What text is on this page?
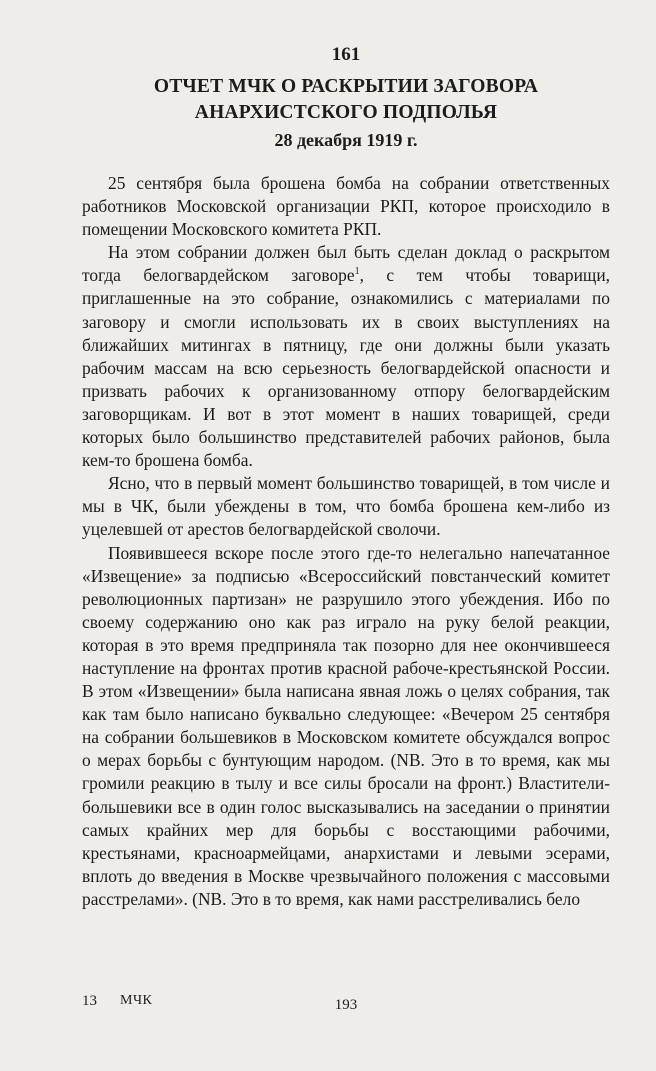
161
ОТЧЕТ МЧК О РАСКРЫТИИ ЗАГОВОРА
АНАРХИСТСКОГО ПОДПОЛЬЯ
28 декабря 1919 г.

25 сентября была брошена бомба на собрании ответственных работников Московской организации РКП, которое происходило в помещении Московского комитета РКП.

На этом собрании должен был быть сделан доклад о раскрытом тогда белогвардейском заговоре$^1$, с тем чтобы товарищи, приглашенные на это собрание, ознакомились с материалами по заговору и смогли использовать их в своих выступлениях на ближайших митингах в пятницу, где они должны были указать рабочим массам на всю серьезность белогвардейской опасности и призвать рабочих к организованному отпору белогвардейским заговорщикам. И вот в этот момент в наших товарищей, среди которых было большинство представителей рабочих районов, была кем-то брошена бомба.

Ясно, что в первый момент большинство товарищей, в том числе и мы в ЧК, были убеждены в том, что бомба брошена кем-либо из уцелевшей от арестов белогвардейской сволочи.

Появившееся вскоре после этого где-то нелегально напечатанное «Извещение» за подписью «Всероссийский повстанческий комитет революционных партизан» не разрушило этого убеждения. Ибо по своему содержанию оно как раз играло на руку белой реакции, которая в это время предприняла так позорно для нее окончившееся наступление на фронтах против красной рабоче-крестьянской России. В этом «Извещении» была написана явная ложь о целях собрания, так как там было написано буквально следующее: «Вечером 25 сентября на собрании большевиков в Московском комитете обсуждался вопрос о мерах борьбы с бунтующим народом. (NB. Это в то время, как мы громили реакцию в тылу и все силы бросали на фронт.) Властители-большевики все в один голос высказывались на заседании о принятии самых крайних мер для борьбы с восстающими рабочими, крестьянами, красноармейцами, анархистами и левыми эсерами, вплоть до введения в Москве чрезвычайного положения с массовыми расстрелами». (NB. Это в то время, как нами расстреливались бело

13 МЧК	193
